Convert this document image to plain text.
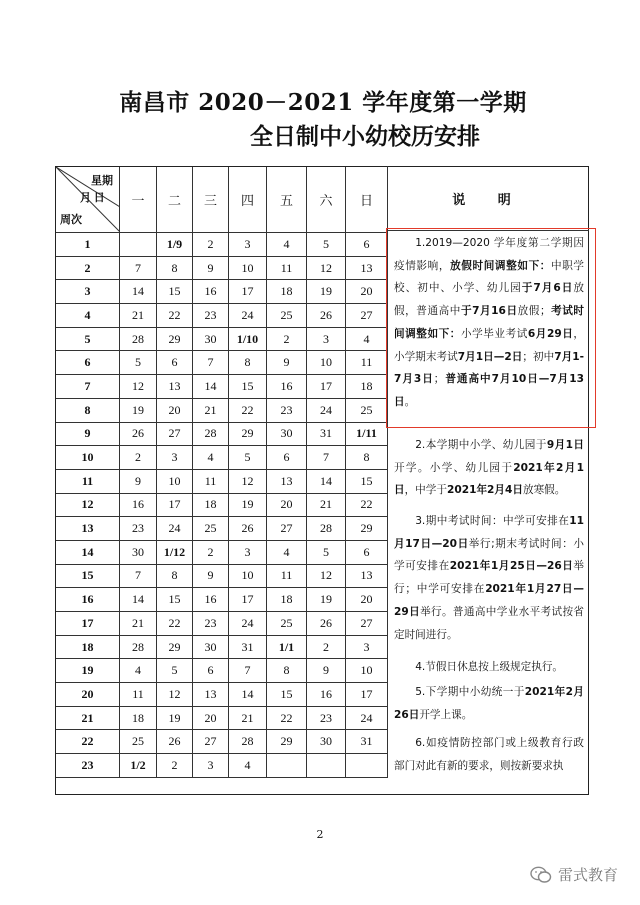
南昌市 2020－2021 学年度第一学期
全日制中小幼校历安排
星期
月 日
周次	一	二	三	四	五	六	日
1		1/9	2	3	4	5	6
2	7	8	9	10	11	12	13
3	14	15	16	17	18	19	20
4	21	22	23	24	25	26	27
5	28	29	30	1/10	2	3	4
6	5	6	7	8	9	10	11
7	12	13	14	15	16	17	18
8	19	20	21	22	23	24	25
9	26	27	28	29	30	31	1/11
10	2	3	4	5	6	7	8
11	9	10	11	12	13	14	15
12	16	17	18	19	20	21	22
13	23	24	25	26	27	28	29
14	30	1/12	2	3	4	5	6
15	7	8	9	10	11	12	13
16	14	15	16	17	18	19	20
17	21	22	23	24	25	26	27
18	28	29	30	31	1/1	2	3
19	4	5	6	7	8	9	10
20	11	12	13	14	15	16	17
21	18	19	20	21	22	23	24
22	25	26	27	28	29	30	31
23	1/2	2	3	4			
说 明
1.2019—2020 学年度第二学期因疫情影响，放假时间调整如下：中职学校、初中、小学、幼儿园于7月6日放假，普通高中于7月16日放假；考试时间调整如下：小学毕业考试6月29日，小学期末考试7月1日—2日；初中7月1-7月3日；普通高中7月10日—7月13日。
2.本学期中小学、幼儿园于9月1日开学。小学、幼儿园于2021年2月1日，中学于2021年2月4日放寒假。
3.期中考试时间：中学可安排在11月17日—20日举行;期末考试时间：小学可安排在2021年1月25日—26日举行；中学可安排在2021年1月27日—29日举行。普通高中学业水平考试按省定时间进行。
4.节假日休息按上级规定执行。
5.下学期中小幼统一于2021年2月26日开学上课。
6.如疫情防控部门或上级教育行政部门对此有新的要求，则按新要求执
2
雷式教育
